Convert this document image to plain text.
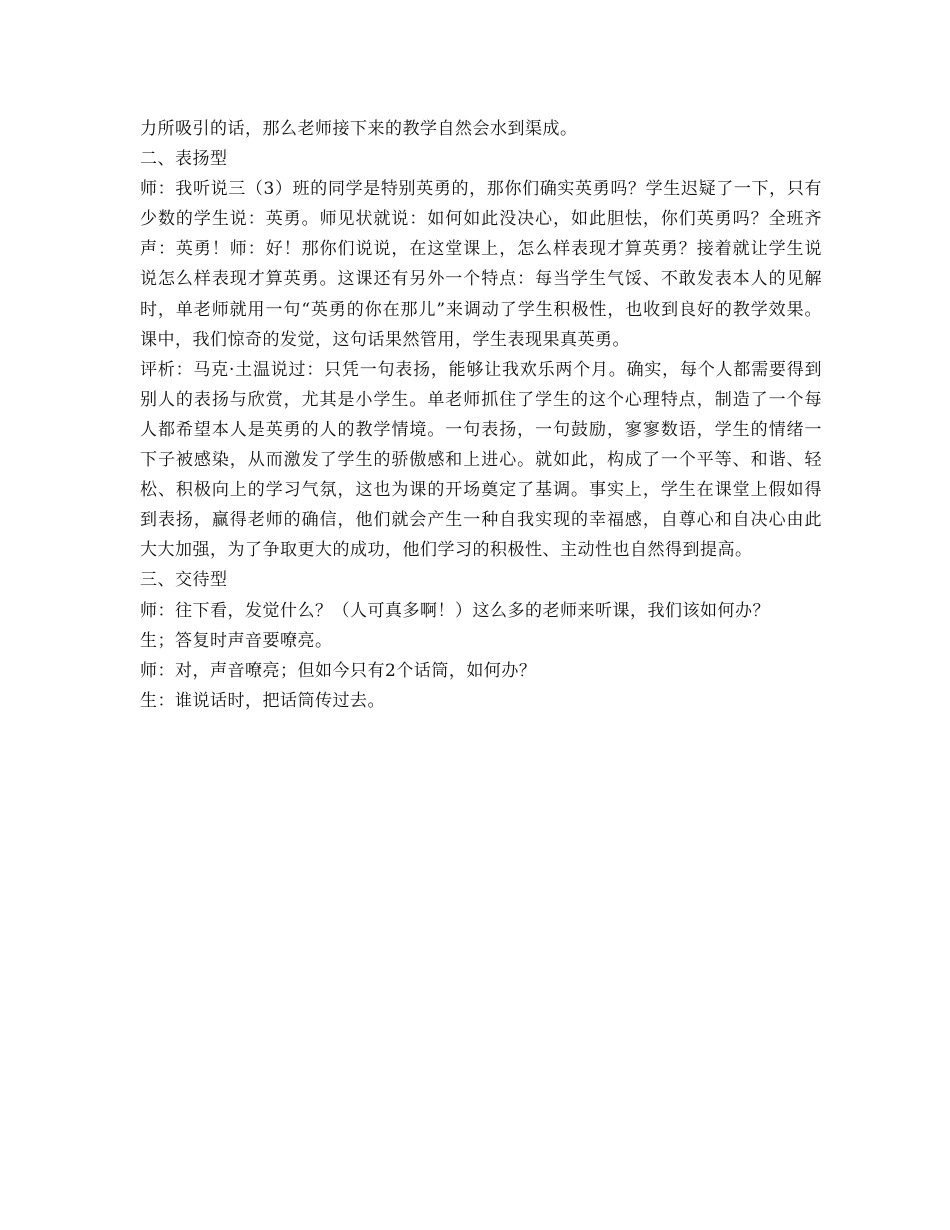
力所吸引的话，那么老师接下来的教学自然会水到渠成。

二、表扬型

师：我听说三（3）班的同学是特别英勇的，那你们确实英勇吗？学生迟疑了一下，只有少数的学生说：英勇。师见状就说：如何如此没决心，如此胆怯，你们英勇吗？全班齐声：英勇！师：好！那你们说说，在这堂课上，怎么样表现才算英勇？接着就让学生说说怎么样表现才算英勇。这课还有另外一个特点：每当学生气馁、不敢发表本人的见解时，单老师就用一句“英勇的你在那儿”来调动了学生积极性，也收到良好的教学效果。课中，我们惊奇的发觉，这句话果然管用，学生表现果真英勇。

评析：马克·土温说过：只凭一句表扬，能够让我欢乐两个月。确实，每个人都需要得到别人的表扬与欣赏，尤其是小学生。单老师抓住了学生的这个心理特点，制造了一个每人都希望本人是英勇的人的教学情境。一句表扬，一句鼓励，寥寥数语，学生的情绪一下子被感染，从而激发了学生的骄傲感和上进心。就如此，构成了一个平等、和谐、轻松、积极向上的学习气氛，这也为课的开场奠定了基调。事实上，学生在课堂上假如得到表扬，赢得老师的确信，他们就会产生一种自我实现的幸福感，自尊心和自决心由此大大加强，为了争取更大的成功，他们学习的积极性、主动性也自然得到提高。

三、交待型

师：往下看，发觉什么？（人可真多啊！）这么多的老师来听课，我们该如何办？

生；答复时声音要嘹亮。

师：对，声音嘹亮；但如今只有2个话筒，如何办？

生：谁说话时，把话筒传过去。
